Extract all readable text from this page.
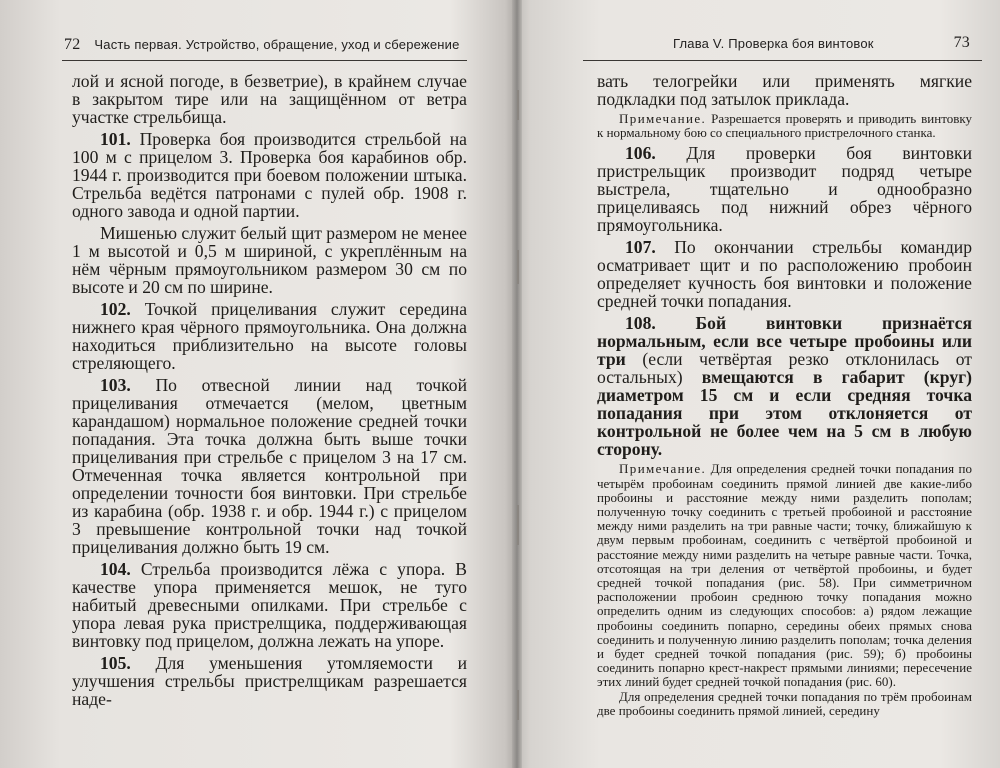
72 Часть первая. Устройство, обращение, уход и сбережение
лой и ясной погоде, в безветрие), в крайнем случае в закрытом тире или на защищённом от ветра участке стрельбища.
101. Проверка боя производится стрельбой на 100 м с прицелом 3. Проверка боя карабинов обр. 1944 г. производится при боевом положении штыка. Стрельба ведётся патронами с пулей обр. 1908 г. одного завода и одной партии.
Мишенью служит белый щит размером не менее 1 м высотой и 0,5 м шириной, с укреплённым на нём чёрным прямоугольником размером 30 см по высоте и 20 см по ширине.
102. Точкой прицеливания служит середина нижнего края чёрного прямоугольника. Она должна находиться приблизительно на высоте головы стреляющего.
103. По отвесной линии над точкой прицеливания отмечается (мелом, цветным карандашом) нормальное положение средней точки попадания. Эта точка должна быть выше точки прицеливания при стрельбе с прицелом 3 на 17 см. Отмеченная точка является контрольной при определении точности боя винтовки. При стрельбе из карабина (обр. 1938 г. и обр. 1944 г.) с прицелом 3 превышение контрольной точки над точкой прицеливания должно быть 19 см.
104. Стрельба производится лёжа с упора. В качестве упора применяется мешок, не туго набитый древесными опилками. При стрельбе с упора левая рука пристрелщика, поддерживающая винтовку под прицелом, должна лежать на упоре.
105. Для уменьшения утомляемости и улучшения стрельбы пристрелщикам разрешается наде-
Глава V. Проверка боя винтовок	73
вать телогрейки или применять мягкие подкладки под затылок приклада.
Примечание. Разрешается проверять и приводить винтовку к нормальному бою со специального пристрелочного станка.
106. Для проверки боя винтовки пристрельщик производит подряд четыре выстрела, тщательно и однообразно прицеливаясь под нижний обрез чёрного прямоугольника.
107. По окончании стрельбы командир осматривает щит и по расположению пробоин определяет кучность боя винтовки и положение средней точки попадания.
108. Бой винтовки признаётся нормальным, если все четыре пробоины или три (если четвёртая резко отклонилась от остальных) вмещаются в габарит (круг) диаметром 15 см и если средняя точка попадания при этом отклоняется от контрольной не более чем на 5 см в любую сторону.
Примечание. Для определения средней точки попадания по четырём пробоинам соединить прямой линией две какие-либо пробоины и расстояние между ними разделить пополам; полученную точку соединить с третьей пробоиной и расстояние между ними разделить на три равные части; точку, ближайшую к двум первым пробоинам, соединить с четвёртой пробоиной и расстояние между ними разделить на четыре равные части. Точка, отсотоящая на три деления от четвёртой пробоины, и будет средней точкой попадания (рис. 58). При симметричном расположении пробоин среднюю точку попадания можно определить одним из следующих способов: а) рядом лежащие пробоины соединить попарно, середины обеих прямых снова соединить и полученную линию разделить пополам; точка деления и будет средней точкой попадания (рис. 59); б) пробоины соединить попарно крест-накрест прямыми линиями; пересечение этих линий будет средней точкой попадания (рис. 60).
Для определения средней точки попадания по трём пробоинам две пробоины соединить прямой линией, середину
